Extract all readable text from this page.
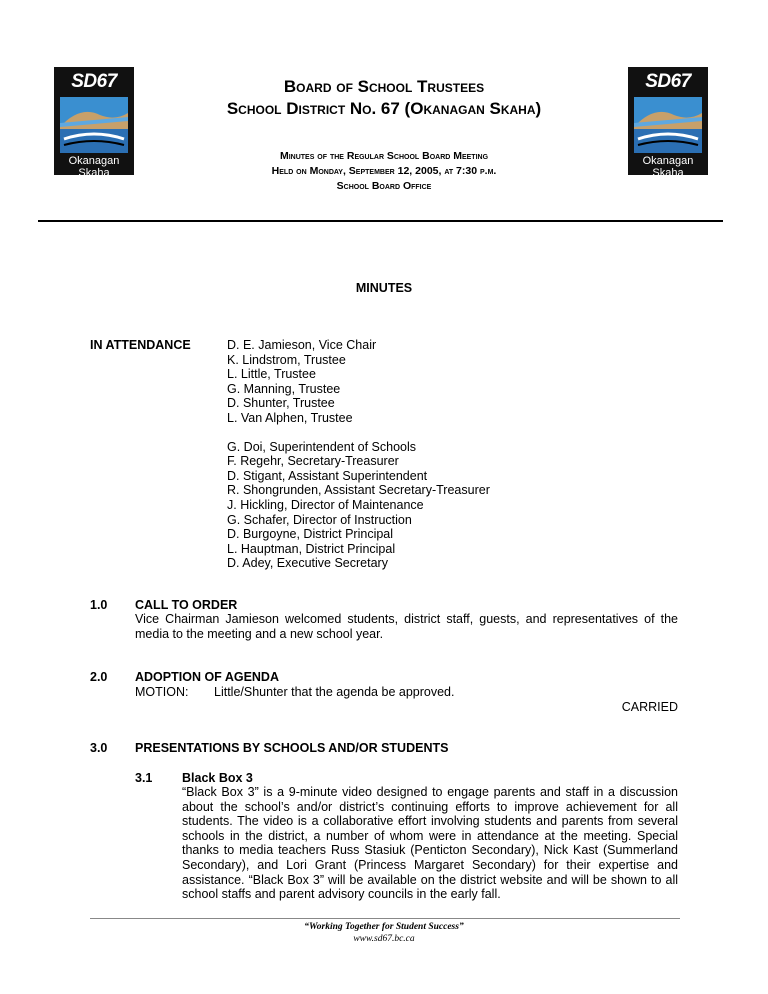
SD67
Okanagan Skaha
SD67
Okanagan Skaha
Board of School Trustees
School District No. 67 (Okanagan Skaha)
Minutes of the Regular School Board Meeting
Held on Monday, September 12, 2005, at 7:30 p.m.
School Board Office
MINUTES
IN ATTENDANCE	D. E. Jamieson, Vice Chair
K. Lindstrom, Trustee
L. Little, Trustee
G. Manning, Trustee
D. Shunter, Trustee
L. Van Alphen, Trustee
G. Doi, Superintendent of Schools
F. Regehr, Secretary-Treasurer
D. Stigant, Assistant Superintendent
R. Shongrunden, Assistant Secretary-Treasurer
J. Hickling, Director of Maintenance
G. Schafer, Director of Instruction
D. Burgoyne, District Principal
L. Hauptman, District Principal
D. Adey, Executive Secretary
1.0 CALL TO ORDER
Vice Chairman Jamieson welcomed students, district staff, guests, and representatives of the media to the meeting and a new school year.
2.0 ADOPTION OF AGENDA
MOTION: Little/Shunter that the agenda be approved.
CARRIED
3.0 PRESENTATIONS BY SCHOOLS AND/OR STUDENTS
3.1 Black Box 3
“Black Box 3” is a 9-minute video designed to engage parents and staff in a discussion about the school’s and/or district’s continuing efforts to improve achievement for all students. The video is a collaborative effort involving students and parents from several schools in the district, a number of whom were in attendance at the meeting. Special thanks to media teachers Russ Stasiuk (Penticton Secondary), Nick Kast (Summerland Secondary), and Lori Grant (Princess Margaret Secondary) for their expertise and assistance. “Black Box 3” will be available on the district website and will be shown to all school staffs and parent advisory councils in the early fall.
“Working Together for Student Success”
www.sd67.bc.ca
